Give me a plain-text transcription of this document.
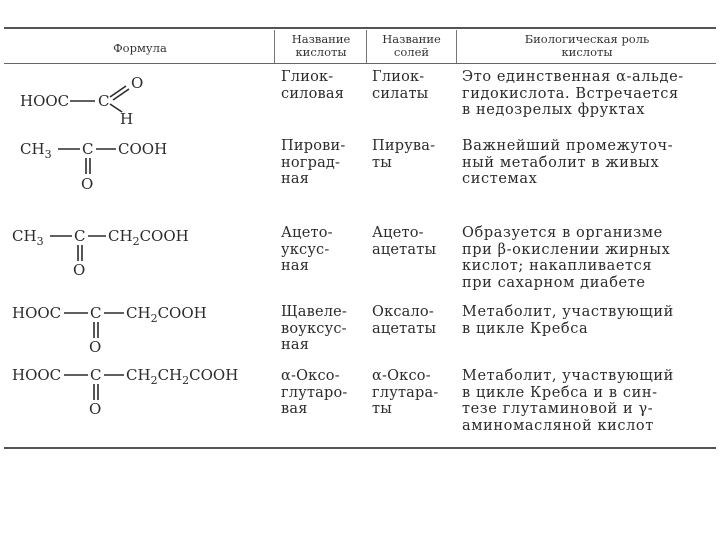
Формула
Название
кислоты
Название
солей
Биологическая роль
кислоты
HOOC C
O
H
Глиок-
силовая
Глиок-
силаты
Это единственная α-альде-
гидокислота. Встречается
в недозрелых фруктах
$CH_3$ C COOH
O
Пирови-
ноград-
ная
Пирува-
ты
Важнейший промежуточ-
ный метаболит в живых
системах
$CH_3$ C $CH_2COOH$
O
Ацето-
уксус-
ная
Ацето-
ацетаты
Образуется в организме
при β-окислении жирных
кислот; накапливается
при сахарном диабете
HOOC C $CH_2COOH$
O
Щавеле-
воуксус-
ная
Оксало-
ацетаты
Метаболит, участвующий
в цикле Кребса
HOOC C $CH_2CH_2COOH$
O
α-Оксо-
глутаро-
вая
α-Оксо-
глутара-
ты
Метаболит, участвующий
в цикле Кребса и в син-
тезе глутаминовой и γ-
аминомасляной кислот
